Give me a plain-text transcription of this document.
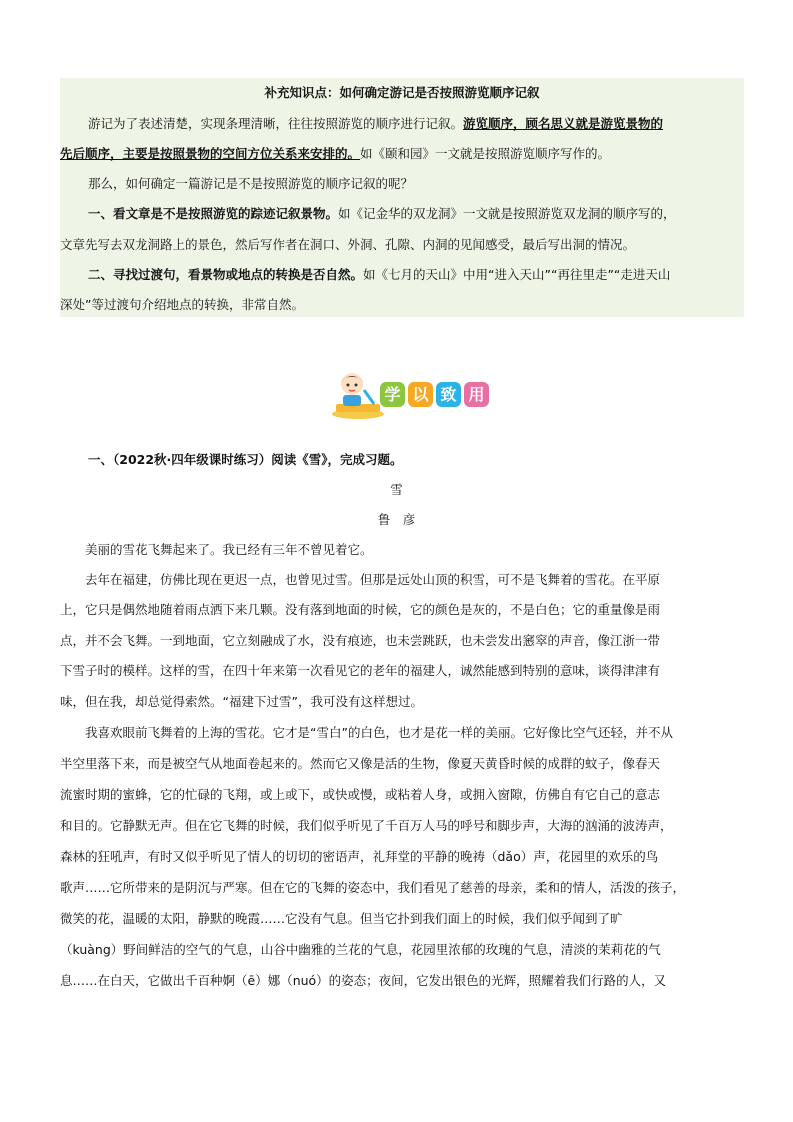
补充知识点：如何确定游记是否按照游览顺序记叙
游记为了表述清楚，实现条理清晰，往往按照游览的顺序进行记叙。游览顺序，顾名思义就是游览景物的
先后顺序，主要是按照景物的空间方位关系来安排的。如《颐和园》一文就是按照游览顺序写作的。
那么，如何确定一篇游记是不是按照游览的顺序记叙的呢？
一、看文章是不是按照游览的踪迹记叙景物。如《记金华的双龙洞》一文就是按照游览双龙洞的顺序写的，
文章先写去双龙洞路上的景色，然后写作者在洞口、外洞、孔隙、内洞的见闻感受，最后写出洞的情况。
二、寻找过渡句，看景物或地点的转换是否自然。如《七月的天山》中用“进入天山”“再往里走”“走进天山
深处”等过渡句介绍地点的转换，非常自然。
学 以 致 用
一、（2022秋·四年级课时练习）阅读《雪》，完成习题。
雪
鲁　彦
　　美丽的雪花飞舞起来了。我已经有三年不曾见着它。
　　去年在福建，仿佛比现在更迟一点，也曾见过雪。但那是远处山顶的积雪，可不是飞舞着的雪花。在平原
上，它只是偶然地随着雨点洒下来几颗。没有落到地面的时候，它的颜色是灰的，不是白色；它的重量像是雨
点，并不会飞舞。一到地面，它立刻融成了水，没有痕迹，也未尝跳跃，也未尝发出窸窣的声音，像江浙一带
下雪子时的模样。这样的雪，在四十年来第一次看见它的老年的福建人，诚然能感到特别的意味，谈得津津有
味，但在我，却总觉得索然。“福建下过雪”，我可没有这样想过。
　　我喜欢眼前飞舞着的上海的雪花。它才是“雪白”的白色，也才是花一样的美丽。它好像比空气还轻，并不从
半空里落下来，而是被空气从地面卷起来的。然而它又像是活的生物，像夏天黄昏时候的成群的蚊子，像春天
流蜜时期的蜜蜂，它的忙碌的飞翔，或上或下，或快或慢，或粘着人身，或拥入窗隙，仿佛自有它自己的意志
和目的。它静默无声。但在它飞舞的时候，我们似乎听见了千百万人马的呼号和脚步声，大海的汹涌的波涛声，
森林的狂吼声，有时又似乎听见了情人的切切的密语声，礼拜堂的平静的晚祷（dǎo）声，花园里的欢乐的鸟
歌声……它所带来的是阴沉与严寒。但在它的飞舞的姿态中，我们看见了慈善的母亲，柔和的情人，活泼的孩子，
微笑的花，温暖的太阳，静默的晚霞……它没有气息。但当它扑到我们面上的时候，我们似乎闻到了旷
（kuàng）野间鲜洁的空气的气息，山谷中幽雅的兰花的气息，花园里浓郁的玫瑰的气息，清淡的茉莉花的气
息……在白天，它做出千百种婀（ē）娜（nuó）的姿态；夜间，它发出银色的光辉，照耀着我们行路的人，又
